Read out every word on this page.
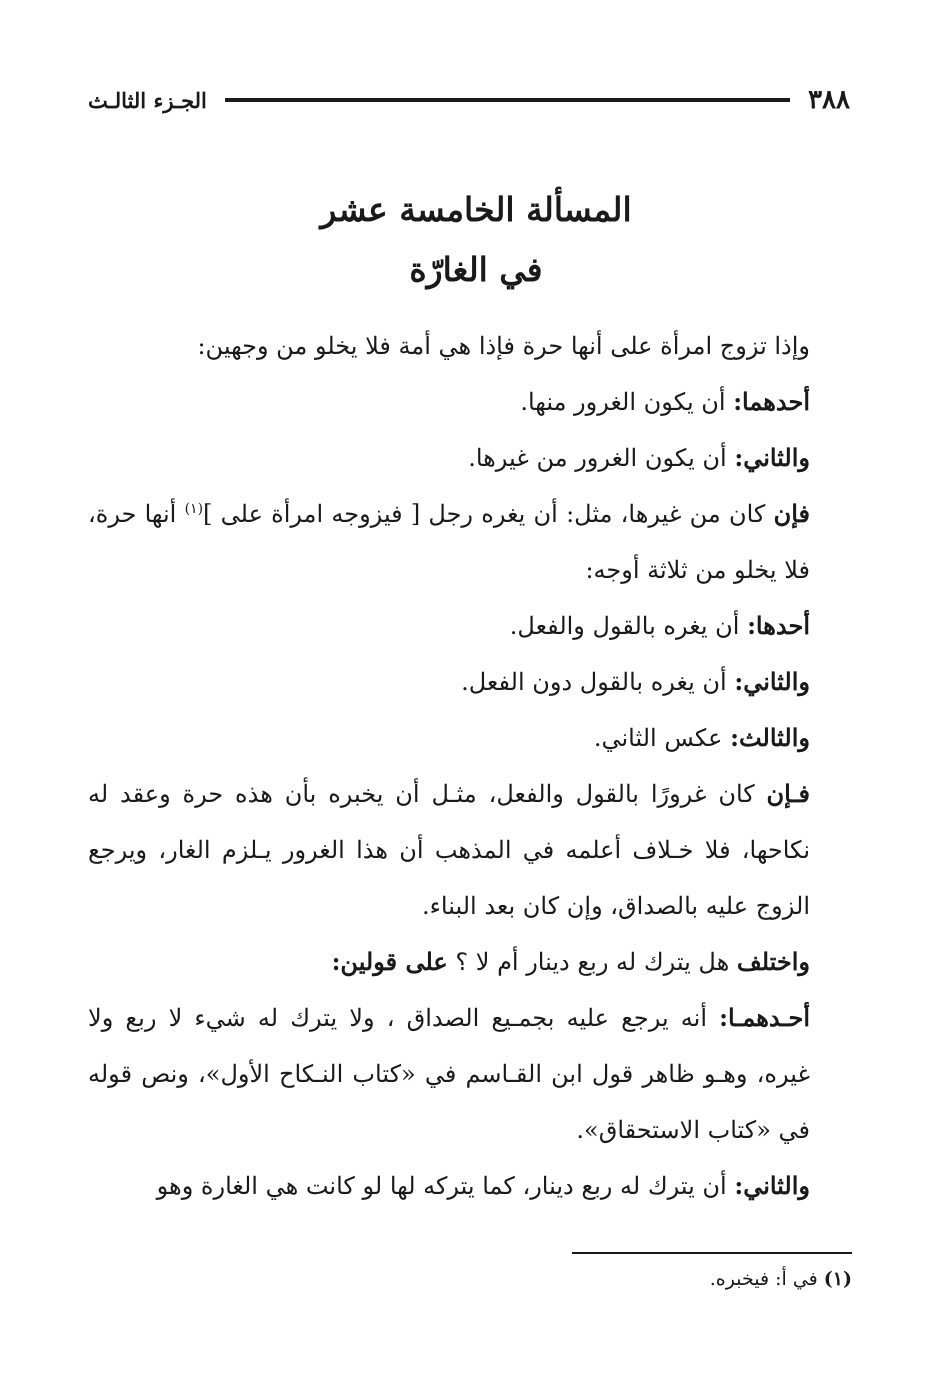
٣٨٨
الجـزء الثالـث
المسألة الخامسة عشر
في الغارّة

وإذا تزوج امرأة على أنها حرة فإذا هي أمة فلا يخلو من وجهين:

أحدهما: أن يكون الغرور منها.

والثاني: أن يكون الغرور من غيرها.

فإن كان من غيرها، مثل: أن يغره رجل [ فيزوجه امرأة على ]$^{(١)}$ أنها حرة، فلا يخلو من ثلاثة أوجه:

أحدها: أن يغره بالقول والفعل.

والثاني: أن يغره بالقول دون الفعل.

والثالث: عكس الثاني.

فـإن كان غرورًا بالقول والفعل، مثـل أن يخبره بأن هذه حرة وعقد له نكاحها، فلا خـلاف أعلمه في المذهب أن هذا الغرور يـلزم الغار، ويرجع الزوج عليه بالصداق، وإن كان بعد البناء.

واختلف هل يترك له ربع دينار أم لا ؟ على قولين:

أحـدهمـا: أنه يرجع عليه بجمـيع الصداق ، ولا يترك له شيء لا ربع ولا غيره، وهـو ظاهر قول ابن القـاسم في «كتاب النـكاح الأول»، ونص قوله في «كتاب الاستحقاق».

والثاني: أن يترك له ربع دينار، كما يتركه لها لو كانت هي الغارة وهو

(١) في أ: فيخبره.
